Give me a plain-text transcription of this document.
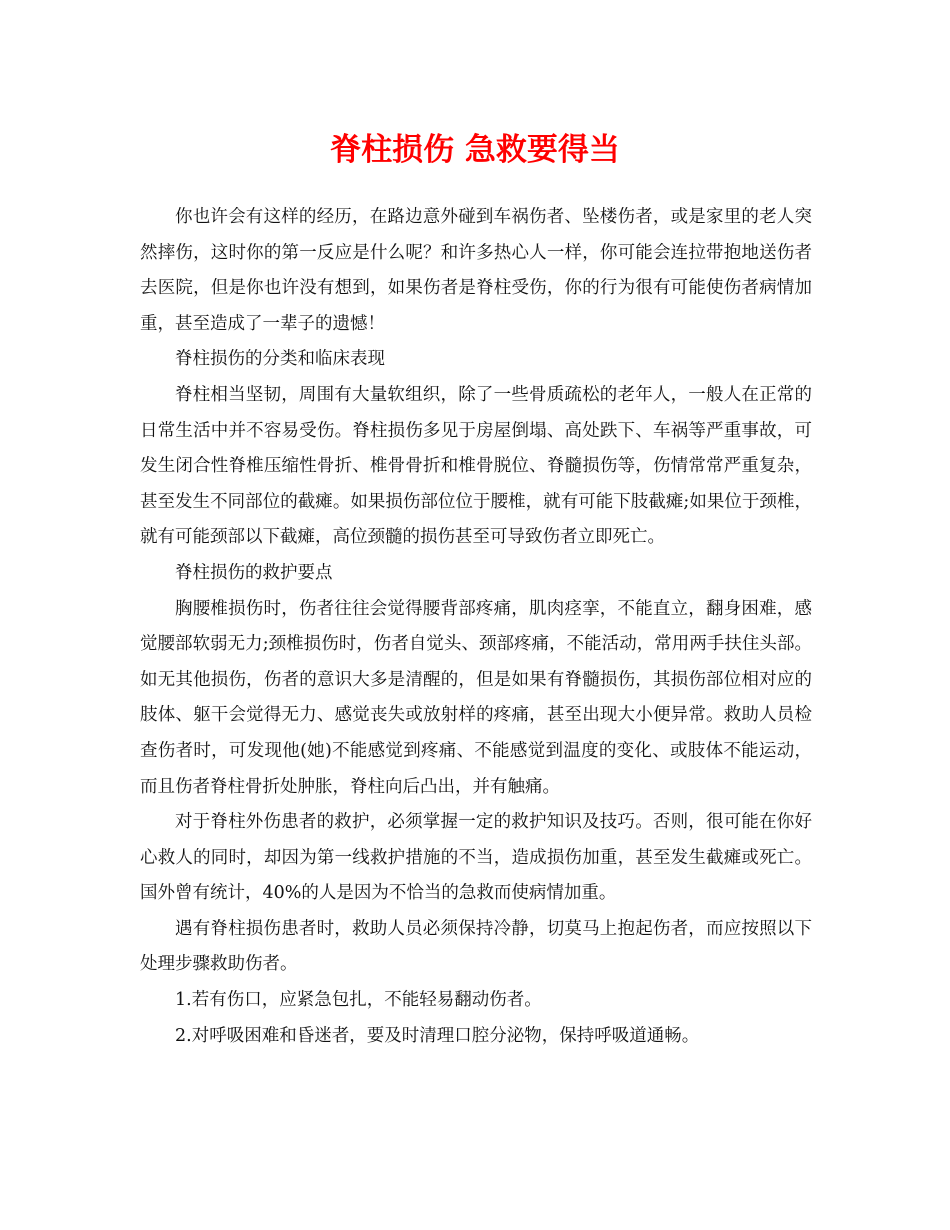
脊柱损伤 急救要得当

你也许会有这样的经历，在路边意外碰到车祸伤者、坠楼伤者，或是家里的老人突然摔伤，这时你的第一反应是什么呢？和许多热心人一样，你可能会连拉带抱地送伤者去医院，但是你也许没有想到，如果伤者是脊柱受伤，你的行为很有可能使伤者病情加重，甚至造成了一辈子的遗憾！

脊柱损伤的分类和临床表现

脊柱相当坚韧，周围有大量软组织，除了一些骨质疏松的老年人，一般人在正常的日常生活中并不容易受伤。脊柱损伤多见于房屋倒塌、高处跌下、车祸等严重事故，可发生闭合性脊椎压缩性骨折、椎骨骨折和椎骨脱位、脊髓损伤等，伤情常常严重复杂，甚至发生不同部位的截瘫。如果损伤部位位于腰椎，就有可能下肢截瘫;如果位于颈椎，就有可能颈部以下截瘫，高位颈髓的损伤甚至可导致伤者立即死亡。

脊柱损伤的救护要点

胸腰椎损伤时，伤者往往会觉得腰背部疼痛，肌肉痉挛，不能直立，翻身困难，感觉腰部软弱无力;颈椎损伤时，伤者自觉头、颈部疼痛，不能活动，常用两手扶住头部。如无其他损伤，伤者的意识大多是清醒的，但是如果有脊髓损伤，其损伤部位相对应的肢体、躯干会觉得无力、感觉丧失或放射样的疼痛，甚至出现大小便异常。救助人员检查伤者时，可发现他(她)不能感觉到疼痛、不能感觉到温度的变化、或肢体不能运动，而且伤者脊柱骨折处肿胀，脊柱向后凸出，并有触痛。

对于脊柱外伤患者的救护，必须掌握一定的救护知识及技巧。否则，很可能在你好心救人的同时，却因为第一线救护措施的不当，造成损伤加重，甚至发生截瘫或死亡。国外曾有统计，40%的人是因为不恰当的急救而使病情加重。

遇有脊柱损伤患者时，救助人员必须保持冷静，切莫马上抱起伤者，而应按照以下处理步骤救助伤者。

1.若有伤口，应紧急包扎，不能轻易翻动伤者。

2.对呼吸困难和昏迷者，要及时清理口腔分泌物，保持呼吸道通畅。
